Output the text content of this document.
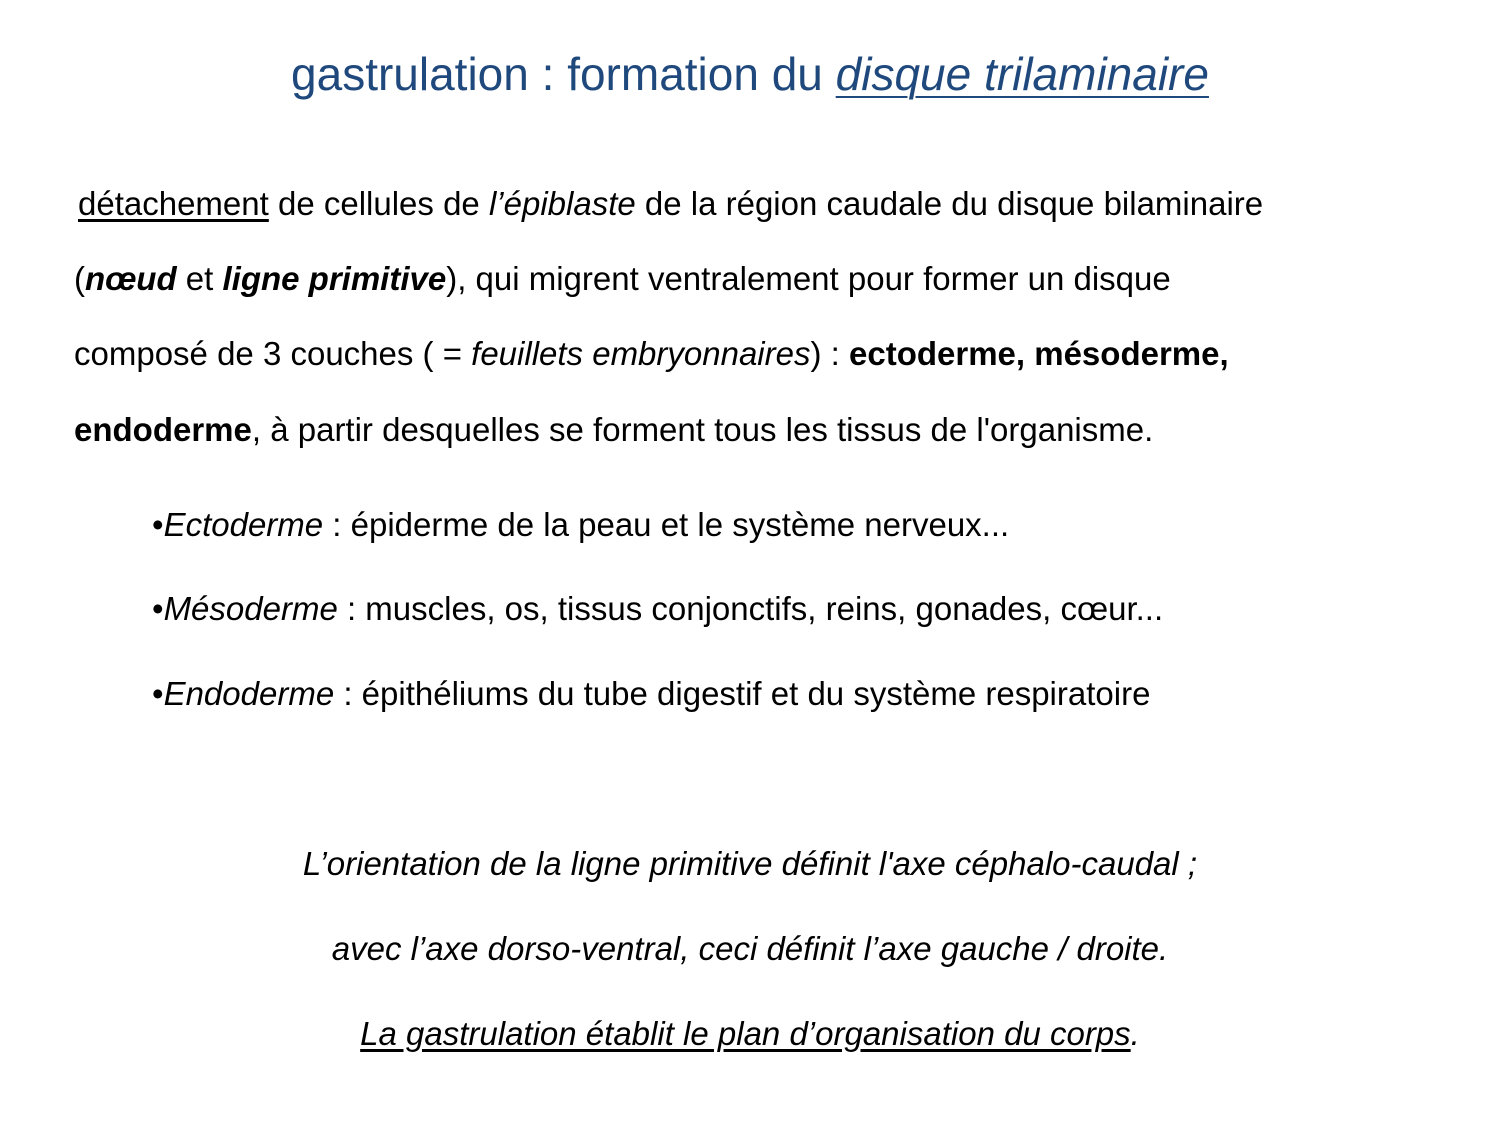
gastrulation : formation du disque trilaminaire
détachement de cellules de l’épiblaste de la région caudale du disque bilaminaire
(nœud et ligne primitive), qui migrent ventralement pour former un disque
composé de 3 couches ( = feuillets embryonnaires) : ectoderme, mésoderme,
endoderme, à partir desquelles se forment tous les tissus de l'organisme.
•Ectoderme : épiderme de la peau et le système nerveux...
•Mésoderme : muscles, os, tissus conjonctifs, reins, gonades, cœur...
•Endoderme : épithéliums du tube digestif et du système respiratoire
L’orientation de la ligne primitive définit l'axe céphalo-caudal ;
avec l’axe dorso-ventral, ceci définit l’axe gauche / droite.
La gastrulation établit le plan d’organisation du corps.
